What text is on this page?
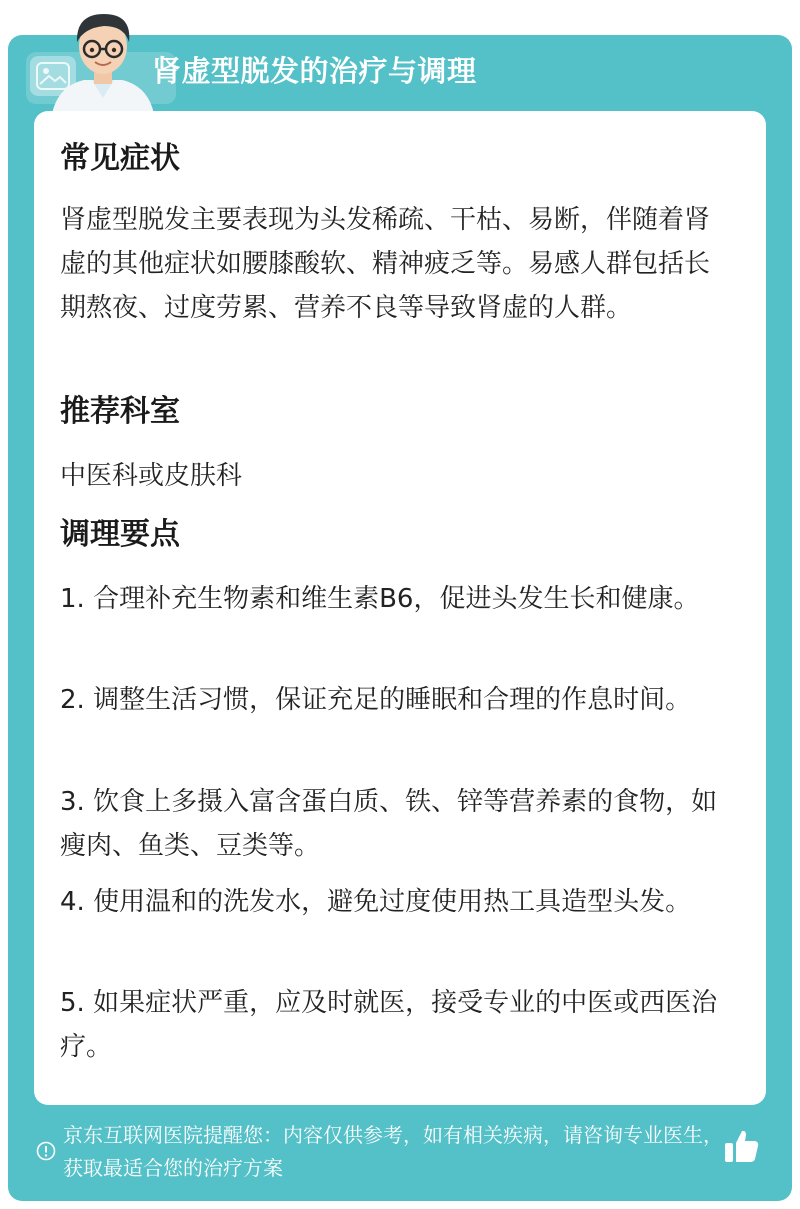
肾虚型脱发的治疗与调理
常见症状
肾虚型脱发主要表现为头发稀疏、干枯、易断，伴随着肾虚的其他症状如腰膝酸软、精神疲乏等。易感人群包括长期熬夜、过度劳累、营养不良等导致肾虚的人群。
推荐科室
中医科或皮肤科
调理要点
1. 合理补充生物素和维生素B6，促进头发生长和健康。
2. 调整生活习惯，保证充足的睡眠和合理的作息时间。
3. 饮食上多摄入富含蛋白质、铁、锌等营养素的食物，如瘦肉、鱼类、豆类等。
4. 使用温和的洗发水，避免过度使用热工具造型头发。
5. 如果症状严重，应及时就医，接受专业的中医或西医治疗。
京东互联网医院提醒您：内容仅供参考，如有相关疾病，请咨询专业医生，获取最适合您的治疗方案
